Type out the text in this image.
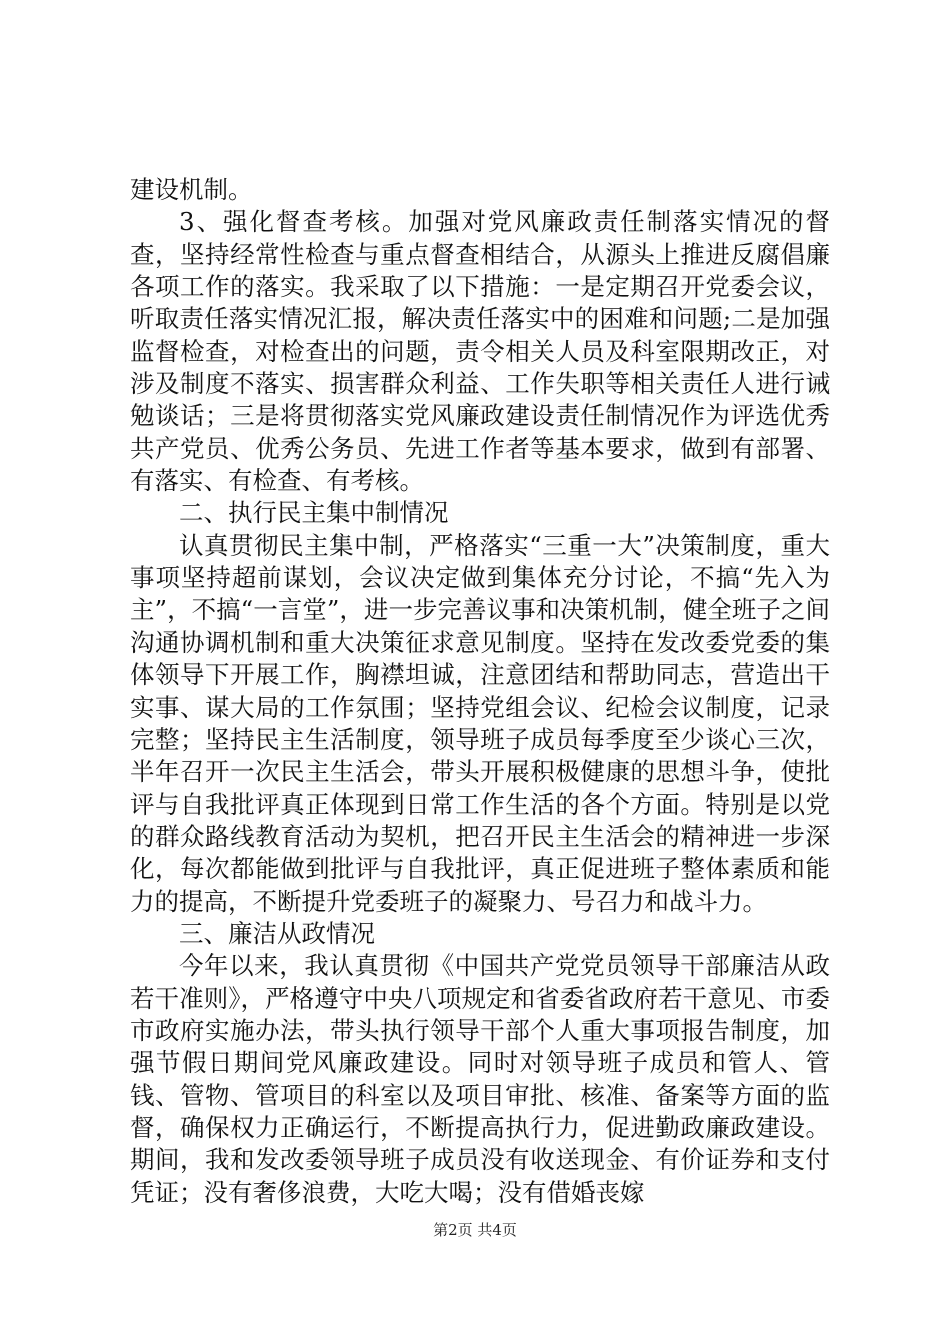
建设机制。

3、强化督查考核。加强对党风廉政责任制落实情况的督查，坚持经常性检查与重点督查相结合，从源头上推进反腐倡廉各项工作的落实。我采取了以下措施：一是定期召开党委会议，听取责任落实情况汇报，解决责任落实中的困难和问题;二是加强监督检查，对检查出的问题，责令相关人员及科室限期改正，对涉及制度不落实、损害群众利益、工作失职等相关责任人进行诫勉谈话；三是将贯彻落实党风廉政建设责任制情况作为评选优秀共产党员、优秀公务员、先进工作者等基本要求，做到有部署、有落实、有检查、有考核。

二、执行民主集中制情况

认真贯彻民主集中制，严格落实“三重一大”决策制度，重大事项坚持超前谋划，会议决定做到集体充分讨论，不搞“先入为主”，不搞“一言堂”，进一步完善议事和决策机制，健全班子之间沟通协调机制和重大决策征求意见制度。坚持在发改委党委的集体领导下开展工作，胸襟坦诚，注意团结和帮助同志，营造出干实事、谋大局的工作氛围；坚持党组会议、纪检会议制度，记录完整；坚持民主生活制度，领导班子成员每季度至少谈心三次，半年召开一次民主生活会，带头开展积极健康的思想斗争，使批评与自我批评真正体现到日常工作生活的各个方面。特别是以党的群众路线教育活动为契机，把召开民主生活会的精神进一步深化，每次都能做到批评与自我批评，真正促进班子整体素质和能力的提高，不断提升党委班子的凝聚力、号召力和战斗力。

三、廉洁从政情况

今年以来，我认真贯彻《中国共产党党员领导干部廉洁从政若干准则》，严格遵守中央八项规定和省委省政府若干意见、市委市政府实施办法，带头执行领导干部个人重大事项报告制度，加强节假日期间党风廉政建设。同时对领导班子成员和管人、管钱、管物、管项目的科室以及项目审批、核准、备案等方面的监督，确保权力正确运行，不断提高执行力，促进勤政廉政建设。期间，我和发改委领导班子成员没有收送现金、有价证券和支付凭证；没有奢侈浪费，大吃大喝；没有借婚丧嫁

第2页 共4页
